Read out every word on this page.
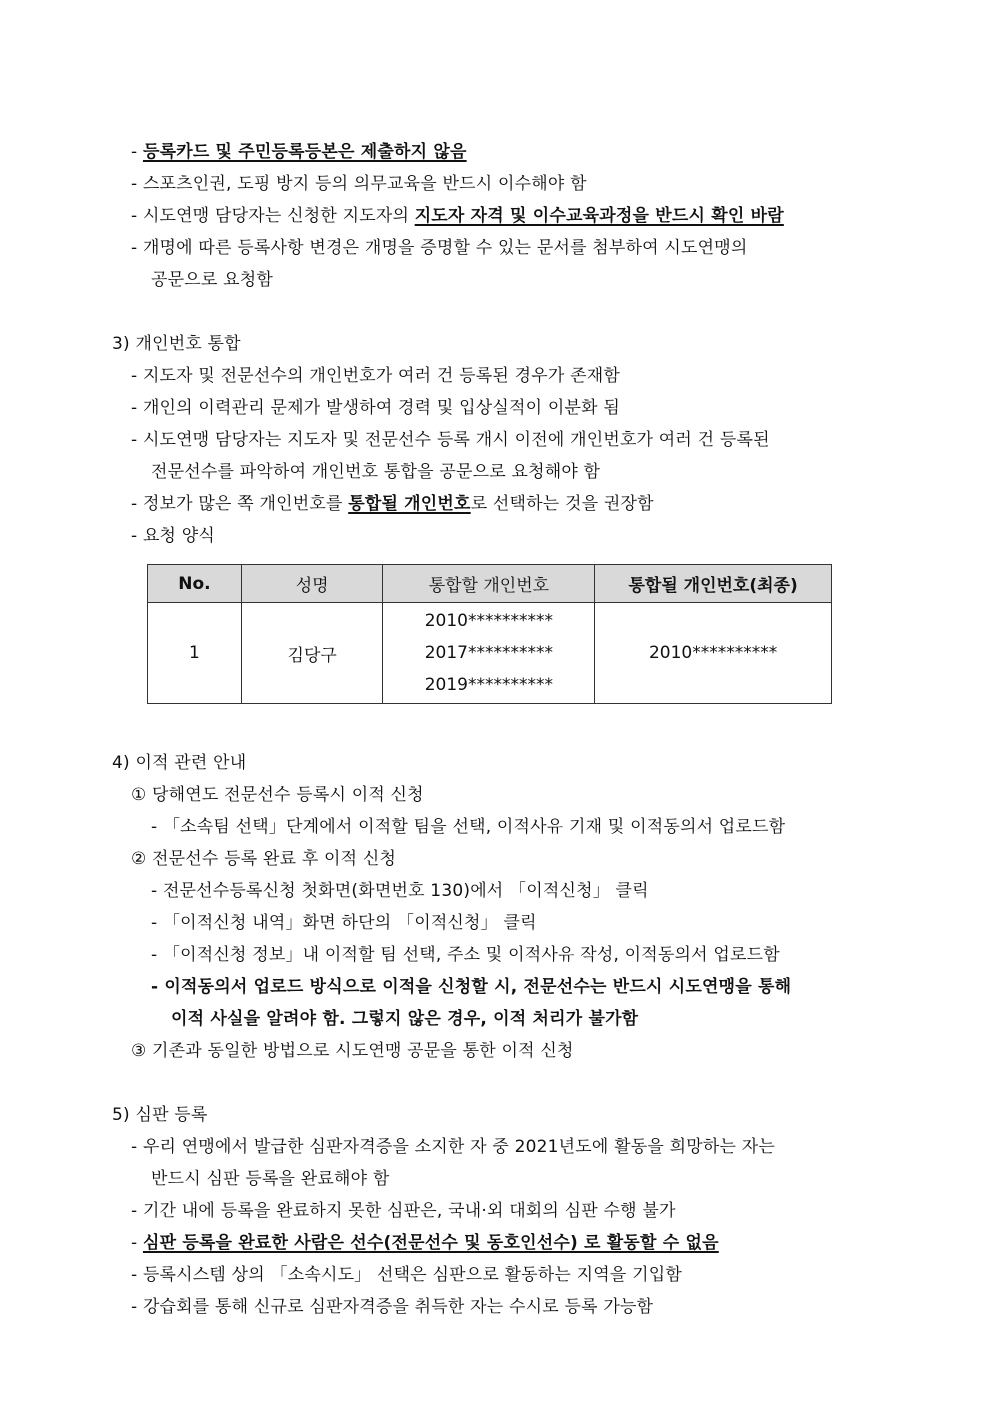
- 등록카드 및 주민등록등본은 제출하지 않음
- 스포츠인권, 도핑 방지 등의 의무교육을 반드시 이수해야 함
- 시도연맹 담당자는 신청한 지도자의 지도자 자격 및 이수교육과정을 반드시 확인 바람
- 개명에 따른 등록사항 변경은 개명을 증명할 수 있는 문서를 첨부하여 시도연맹의
공문으로 요청함
3) 개인번호 통합
- 지도자 및 전문선수의 개인번호가 여러 건 등록된 경우가 존재함
- 개인의 이력관리 문제가 발생하여 경력 및 입상실적이 이분화 됨
- 시도연맹 담당자는 지도자 및 전문선수 등록 개시 이전에 개인번호가 여러 건 등록된
전문선수를 파악하여 개인번호 통합을 공문으로 요청해야 함
- 정보가 많은 쪽 개인번호를 통합될 개인번호로 선택하는 것을 권장함
- 요청 양식
No.	성명	통합할 개인번호	통합될 개인번호(최종)
1	김당구	2010**********
2017**********
2019**********	2010**********
4) 이적 관련 안내
① 당해연도 전문선수 등록시 이적 신청
- 「소속팀 선택」단계에서 이적할 팀을 선택, 이적사유 기재 및 이적동의서 업로드함
② 전문선수 등록 완료 후 이적 신청
- 전문선수등록신청 첫화면(화면번호 130)에서 「이적신청」 클릭
- 「이적신청 내역」화면 하단의 「이적신청」 클릭
- 「이적신청 정보」내 이적할 팀 선택, 주소 및 이적사유 작성, 이적동의서 업로드함
- 이적동의서 업로드 방식으로 이적을 신청할 시, 전문선수는 반드시 시도연맹을 통해
이적 사실을 알려야 함. 그렇지 않은 경우, 이적 처리가 불가함
③ 기존과 동일한 방법으로 시도연맹 공문을 통한 이적 신청
5) 심판 등록
- 우리 연맹에서 발급한 심판자격증을 소지한 자 중 2021년도에 활동을 희망하는 자는
반드시 심판 등록을 완료해야 함
- 기간 내에 등록을 완료하지 못한 심판은, 국내·외 대회의 심판 수행 불가
- 심판 등록을 완료한 사람은 선수(전문선수 및 동호인선수) 로 활동할 수 없음
- 등록시스템 상의 「소속시도」 선택은 심판으로 활동하는 지역을 기입함
- 강습회를 통해 신규로 심판자격증을 취득한 자는 수시로 등록 가능함
